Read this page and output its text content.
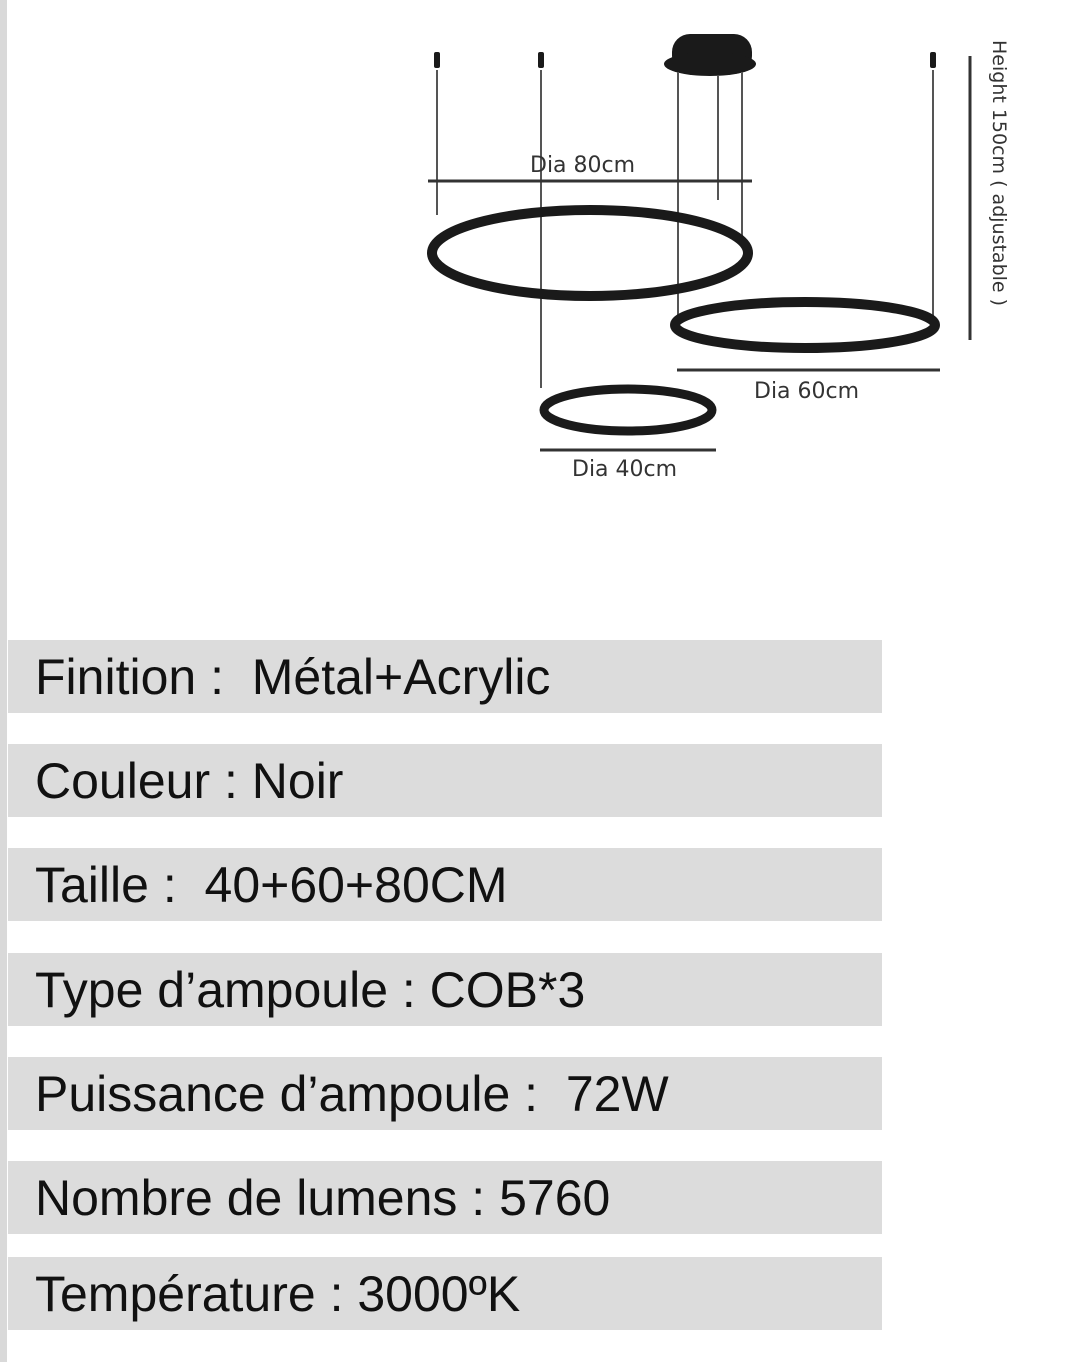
Dia 80cm
Dia 60cm
Dia 40cm
Height 150cm ( adjustable )
Finition :  Métal+Acrylic
Couleur : Noir
Taille :  40+60+80CM
Type d’ampoule : COB*3
Puissance d’ampoule :  72W
Nombre de lumens : 5760
Température : 3000ºK
